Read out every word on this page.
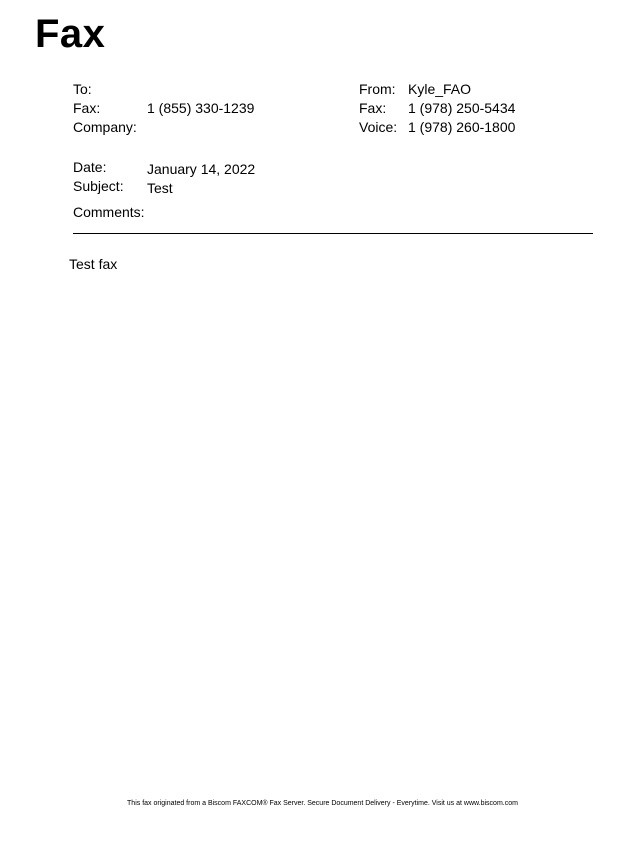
Fax
To:
Fax:	1 (855) 330-1239
Company:
From: Kyle_FAO
Fax: 1 (978) 250-5434
Voice: 1 (978) 260-1800
Date:	January 14, 2022
Subject: Test
Comments:
Test fax
This fax originated from a Biscom FAXCOM® Fax Server. Secure Document Delivery - Everytime. Visit us at www.biscom.com
